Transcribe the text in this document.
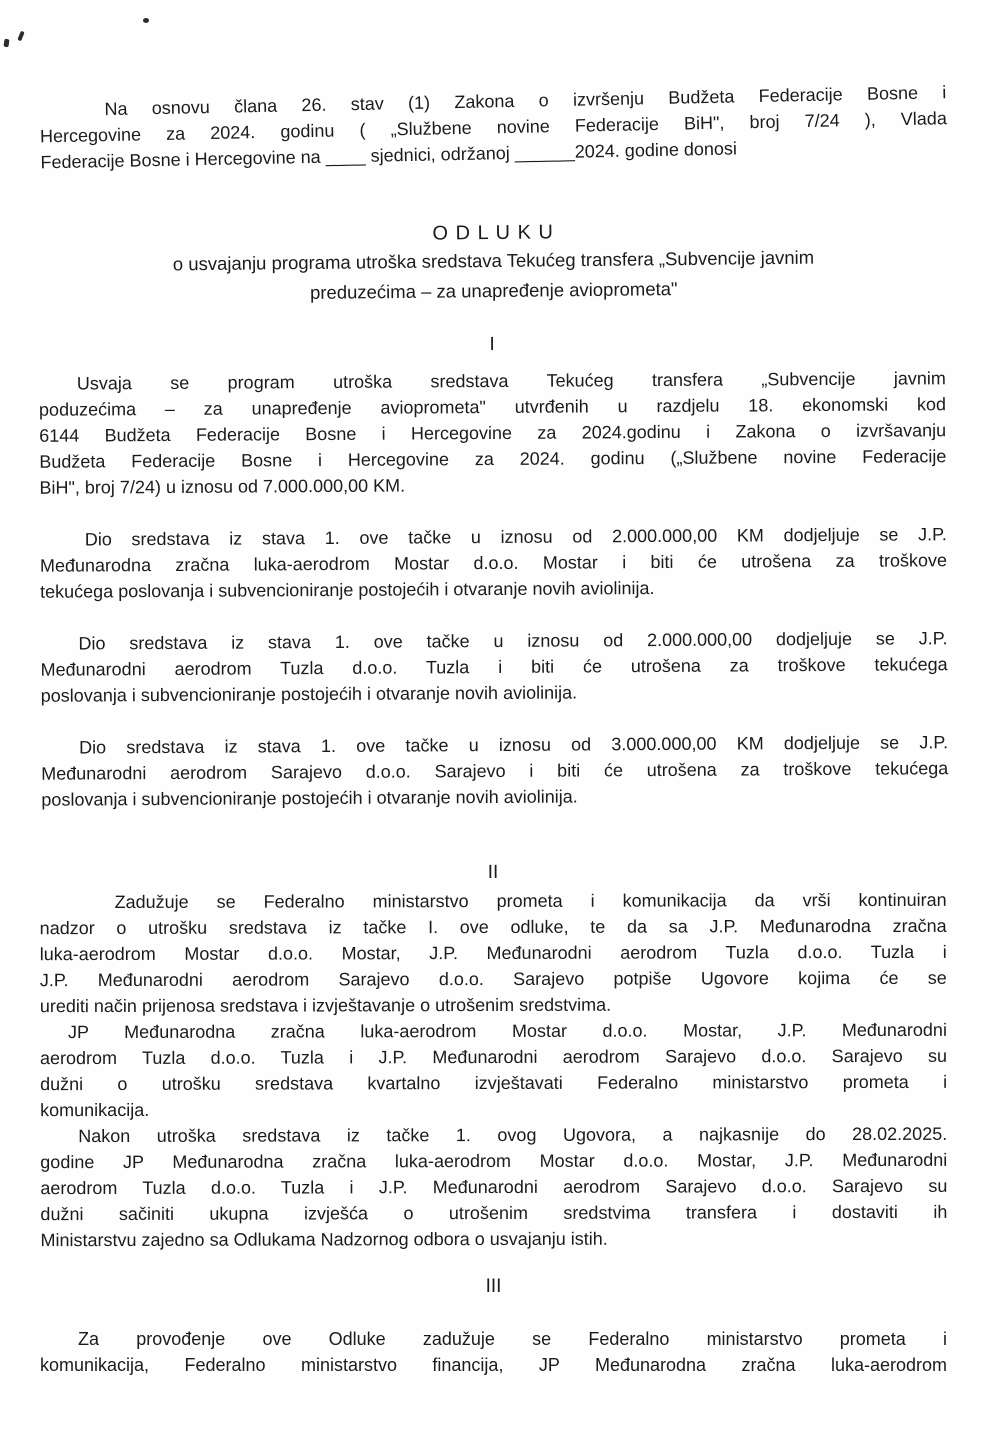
Na osnovu člana 26. stav (1) Zakona o izvršenju Budžeta Federacije Bosne i
Hercegovine za 2024. godinu ( „Službene novine Federacije BiH", broj 7/24 ), Vlada
Federacije Bosne i Hercegovine na ____ sjednici, održanoj ______2024. godine donosi
O D L U K U
o usvajanju programa utroška sredstava Tekućeg transfera „Subvencije javnim
preduzećima – za unapređenje avioprometa"
I
Usvaja se program utroška sredstava Tekućeg transfera „Subvencije javnim
poduzećima – za unapređenje avioprometa" utvrđenih u razdjelu 18. ekonomski kod
6144 Budžeta Federacije Bosne i Hercegovine za 2024.godinu i Zakona o izvršavanju
Budžeta Federacije Bosne i Hercegovine za 2024. godinu („Službene novine Federacije
BiH", broj 7/24) u iznosu od 7.000.000,00 KM.
Dio sredstava iz stava 1. ove tačke u iznosu od 2.000.000,00 KM dodjeljuje se J.P.
Međunarodna zračna luka-aerodrom Mostar d.o.o. Mostar i biti će utrošena za troškove
tekućega poslovanja i subvencioniranje postojećih i otvaranje novih aviolinija.
Dio sredstava iz stava 1. ove tačke u iznosu od 2.000.000,00 dodjeljuje se J.P.
Međunarodni aerodrom Tuzla d.o.o. Tuzla i biti će utrošena za troškove tekućega
poslovanja i subvencioniranje postojećih i otvaranje novih aviolinija.
Dio sredstava iz stava 1. ove tačke u iznosu od 3.000.000,00 KM dodjeljuje se J.P.
Međunarodni aerodrom Sarajevo d.o.o. Sarajevo i biti će utrošena za troškove tekućega
poslovanja i subvencioniranje postojećih i otvaranje novih aviolinija.
II
Zadužuje se Federalno ministarstvo prometa i komunikacija da vrši kontinuiran
nadzor o utrošku sredstava iz tačke I. ove odluke, te da sa J.P. Međunarodna zračna
luka-aerodrom Mostar d.o.o. Mostar, J.P. Međunarodni aerodrom Tuzla d.o.o. Tuzla i
J.P. Međunarodni aerodrom Sarajevo d.o.o. Sarajevo potpiše Ugovore kojima će se
urediti način prijenosa sredstava i izvještavanje o utrošenim sredstvima.
JP Međunarodna zračna luka-aerodrom Mostar d.o.o. Mostar, J.P. Međunarodni
aerodrom Tuzla d.o.o. Tuzla i J.P. Međunarodni aerodrom Sarajevo d.o.o. Sarajevo su
dužni o utrošku sredstava kvartalno izvještavati Federalno ministarstvo prometa i
komunikacija.
Nakon utroška sredstava iz tačke 1. ovog Ugovora, a najkasnije do 28.02.2025.
godine JP Međunarodna zračna luka-aerodrom Mostar d.o.o. Mostar, J.P. Međunarodni
aerodrom Tuzla d.o.o. Tuzla i J.P. Međunarodni aerodrom Sarajevo d.o.o. Sarajevo su
dužni sačiniti ukupna izvješća o utrošenim sredstvima transfera i dostaviti ih
Ministarstvu zajedno sa Odlukama Nadzornog odbora o usvajanju istih.
III
Za provođenje ove Odluke zadužuje se Federalno ministarstvo prometa i
komunikacija, Federalno ministarstvo financija, JP Međunarodna zračna luka-aerodrom
